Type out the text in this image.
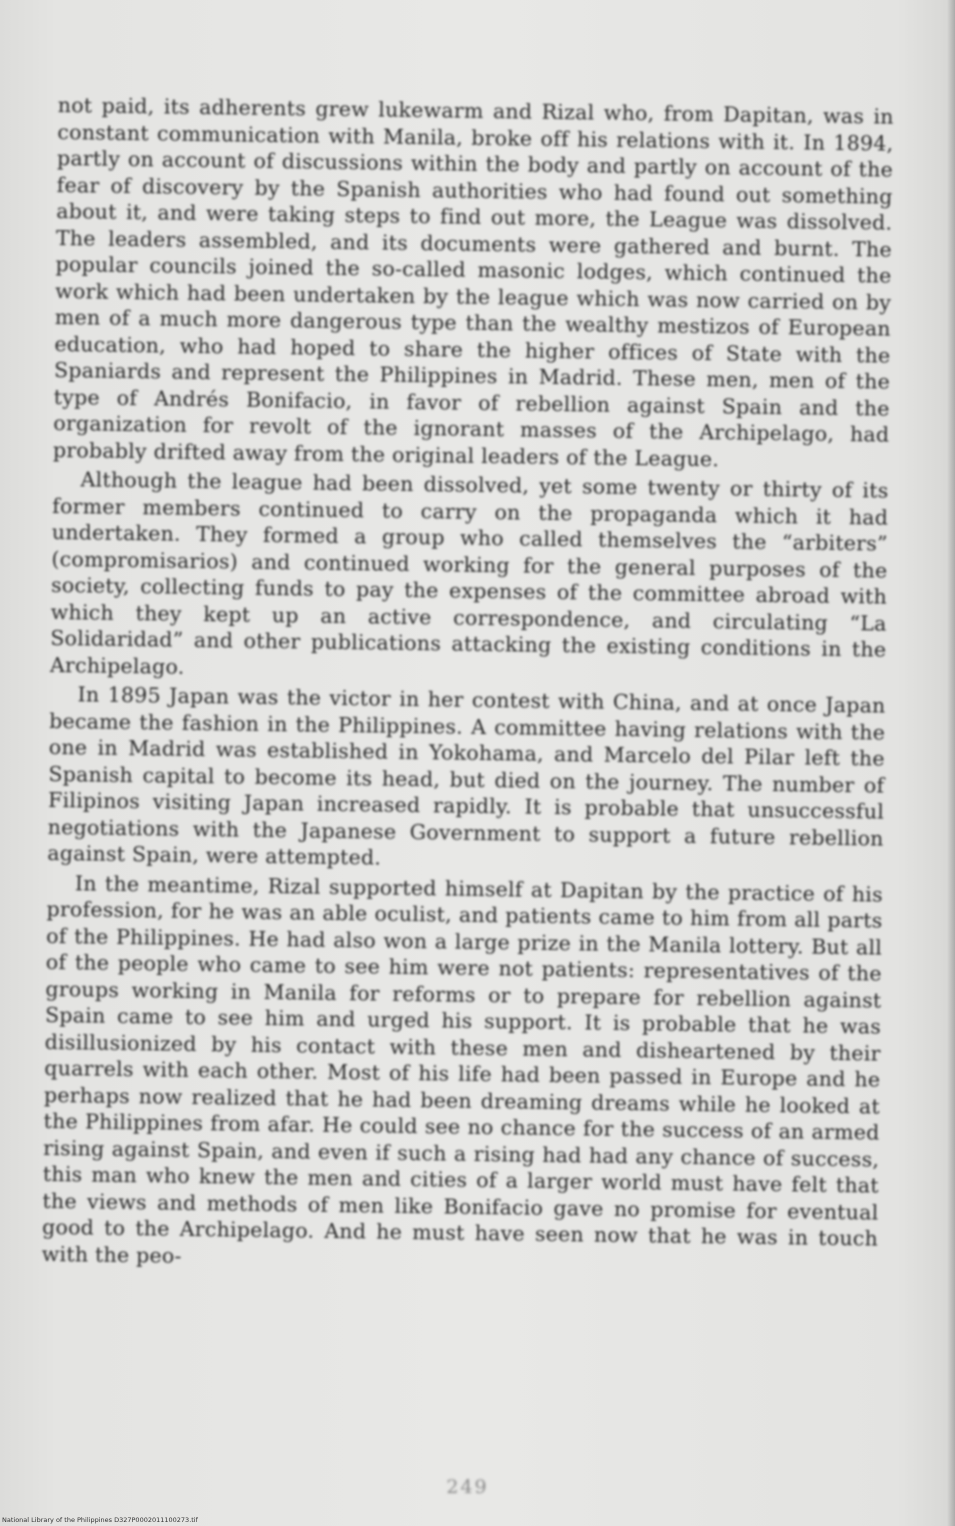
not paid, its adherents grew lukewarm and Rizal who, from Dapitan, was in constant communication with Manila, broke off his relations with it. In 1894, partly on account of discussions within the body and partly on account of the fear of discovery by the Spanish authorities who had found out something about it, and were taking steps to find out more, the League was dissolved. The leaders assembled, and its documents were gathered and burnt. The popular councils joined the so-called masonic lodges, which continued the work which had been undertaken by the league which was now carried on by men of a much more dangerous type than the wealthy mestizos of European education, who had hoped to share the higher offices of State with the Spaniards and represent the Philippines in Madrid. These men, men of the type of Andrés Bonifacio, in favor of rebellion against Spain and the organization for revolt of the ignorant masses of the Archipelago, had probably drifted away from the original leaders of the League.

Although the league had been dissolved, yet some twenty or thirty of its former members continued to carry on the propaganda which it had undertaken. They formed a group who called themselves the “arbiters” (compromisarios) and continued working for the general purposes of the society, collecting funds to pay the expenses of the committee abroad with which they kept up an active correspondence, and circulating “La Solidaridad” and other publications attacking the existing conditions in the Archipelago.

In 1895 Japan was the victor in her contest with China, and at once Japan became the fashion in the Philippines. A committee having relations with the one in Madrid was established in Yokohama, and Marcelo del Pilar left the Spanish capital to become its head, but died on the journey. The number of Filipinos visiting Japan increased rapidly. It is probable that unsuccessful negotiations with the Japanese Government to support a future rebellion against Spain, were attempted.

In the meantime, Rizal supported himself at Dapitan by the practice of his profession, for he was an able oculist, and patients came to him from all parts of the Philippines. He had also won a large prize in the Manila lottery. But all of the people who came to see him were not patients: representatives of the groups working in Manila for reforms or to prepare for rebellion against Spain came to see him and urged his support. It is probable that he was disillusionized by his contact with these men and disheartened by their quarrels with each other. Most of his life had been passed in Europe and he perhaps now realized that he had been dreaming dreams while he looked at the Philippines from afar. He could see no chance for the success of an armed rising against Spain, and even if such a rising had had any chance of success, this man who knew the men and cities of a larger world must have felt that the views and methods of men like Bonifacio gave no promise for eventual good to the Archipelago. And he must have seen now that he was in touch with the peo-

249
National Library of the Philippines D327P0002011100273.tif
